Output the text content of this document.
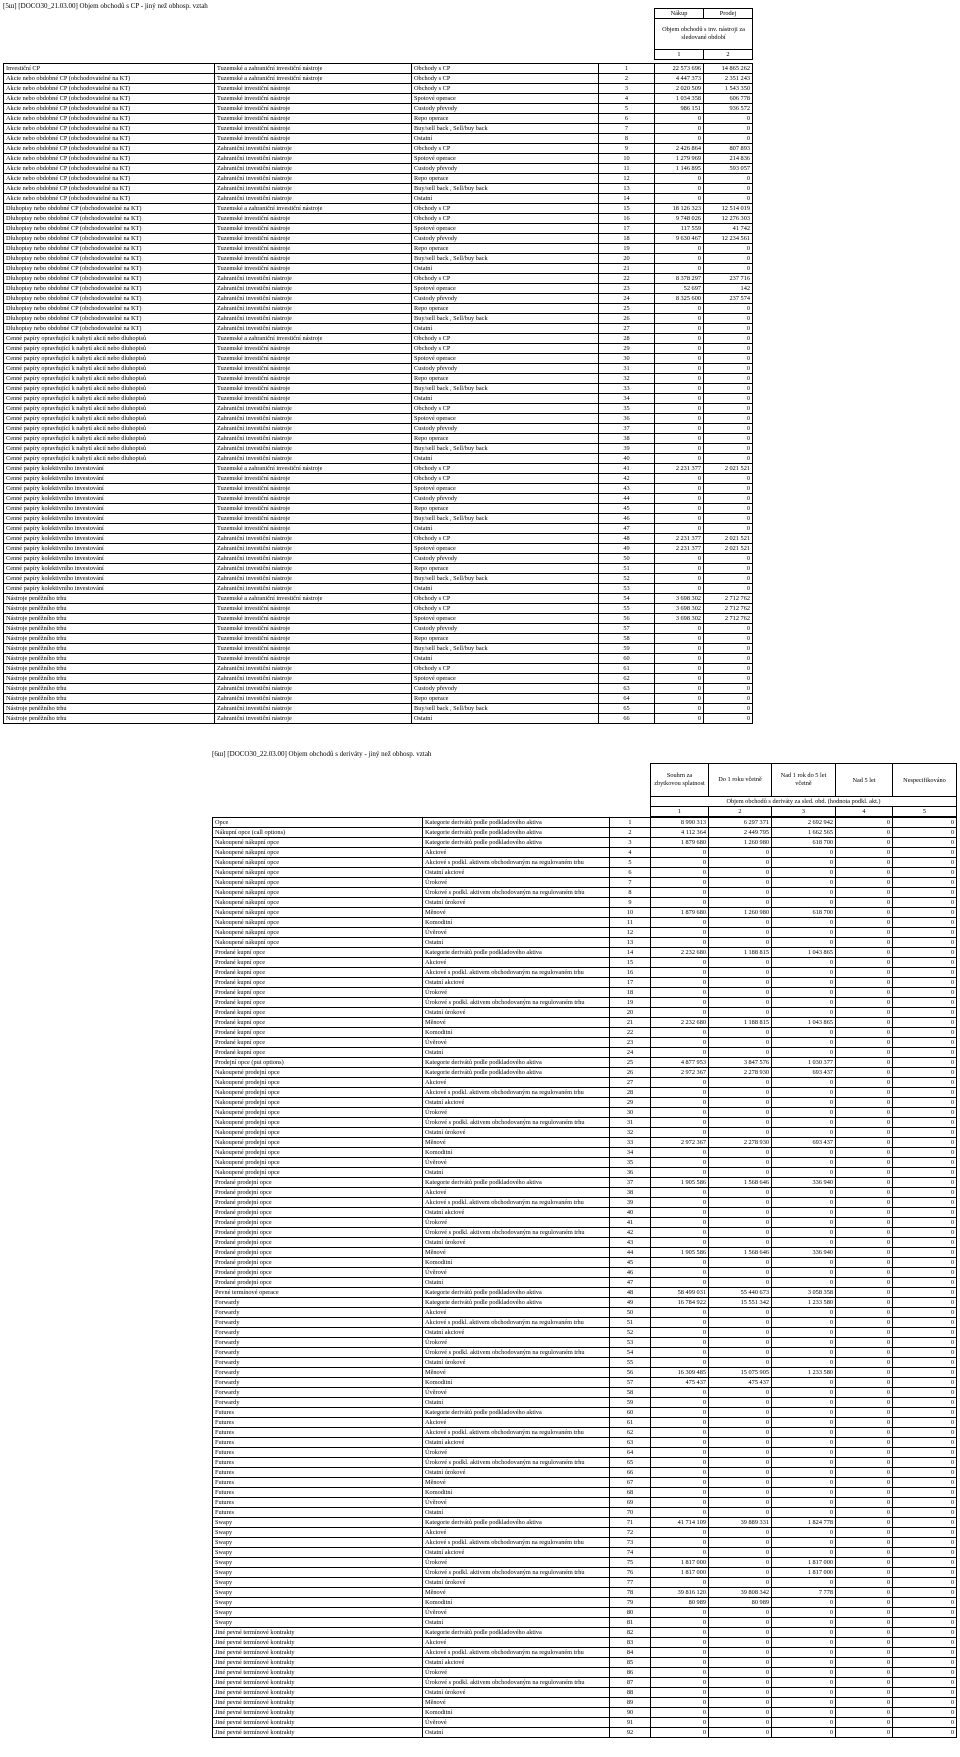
[5ш] [DOCO30_21.03.00] Objem obchodů s CP - jiný než obhosp. vztah
Nákup	Prodej
Objem obchodů s inv. nástroji za sledované období	
1	2
Investiční CP	Tuzemské a zahraniční investiční nástroje	Obchody s CP	1	22 573 696	14 865 262
Akcie nebo obdobné CP (obchodovatelné na KT)	Tuzemské a zahraniční investiční nástroje	Obchody s CP	2	4 447 373	2 351 243
Akcie nebo obdobné CP (obchodovatelné na KT)	Tuzemské investiční nástroje	Obchody s CP	3	2 020 509	1 543 350
Akcie nebo obdobné CP (obchodovatelné na KT)	Tuzemské investiční nástroje	Spotové operace	4	1 034 358	606 778
Akcie nebo obdobné CP (obchodovatelné na KT)	Tuzemské investiční nástroje	Custody převody	5	986 151	936 572
Akcie nebo obdobné CP (obchodovatelné na KT)	Tuzemské investiční nástroje	Repo operace	6	0	0
Akcie nebo obdobné CP (obchodovatelné na KT)	Tuzemské investiční nástroje	Buy/sell back , Sell/buy back	7	0	0
Akcie nebo obdobné CP (obchodovatelné na KT)	Tuzemské investiční nástroje	Ostatní	8	0	0
Akcie nebo obdobné CP (obchodovatelné na KT)	Zahraniční investiční nástroje	Obchody s CP	9	2 426 864	807 893
Akcie nebo obdobné CP (obchodovatelné na KT)	Zahraniční investiční nástroje	Spotové operace	10	1 279 969	214 836
Akcie nebo obdobné CP (obchodovatelné na KT)	Zahraniční investiční nástroje	Custody převody	11	1 146 895	593 057
Akcie nebo obdobné CP (obchodovatelné na KT)	Zahraniční investiční nástroje	Repo operace	12	0	0
Akcie nebo obdobné CP (obchodovatelné na KT)	Zahraniční investiční nástroje	Buy/sell back , Sell/buy back	13	0	0
Akcie nebo obdobné CP (obchodovatelné na KT)	Zahraniční investiční nástroje	Ostatní	14	0	0
Dluhopisy nebo obdobné CP (obchodovatelné na KT)	Tuzemské a zahraniční investiční nástroje	Obchody s CP	15	18 126 323	12 514 019
Dluhopisy nebo obdobné CP (obchodovatelné na KT)	Tuzemské investiční nástroje	Obchody s CP	16	9 748 026	12 276 303
Dluhopisy nebo obdobné CP (obchodovatelné na KT)	Tuzemské investiční nástroje	Spotové operace	17	117 559	41 742
Dluhopisy nebo obdobné CP (obchodovatelné na KT)	Tuzemské investiční nástroje	Custody převody	18	9 630 467	12 234 561
Dluhopisy nebo obdobné CP (obchodovatelné na KT)	Tuzemské investiční nástroje	Repo operace	19	0	0
Dluhopisy nebo obdobné CP (obchodovatelné na KT)	Tuzemské investiční nástroje	Buy/sell back , Sell/buy back	20	0	0
Dluhopisy nebo obdobné CP (obchodovatelné na KT)	Tuzemské investiční nástroje	Ostatní	21	0	0
Dluhopisy nebo obdobné CP (obchodovatelné na KT)	Zahraniční investiční nástroje	Obchody s CP	22	8 378 297	237 716
Dluhopisy nebo obdobné CP (obchodovatelné na KT)	Zahraniční investiční nástroje	Spotové operace	23	52 697	142
Dluhopisy nebo obdobné CP (obchodovatelné na KT)	Zahraniční investiční nástroje	Custody převody	24	8 325 600	237 574
Dluhopisy nebo obdobné CP (obchodovatelné na KT)	Zahraniční investiční nástroje	Repo operace	25	0	0
Dluhopisy nebo obdobné CP (obchodovatelné na KT)	Zahraniční investiční nástroje	Buy/sell back , Sell/buy back	26	0	0
Dluhopisy nebo obdobné CP (obchodovatelné na KT)	Zahraniční investiční nástroje	Ostatní	27	0	0
Cenné papíry opravňující k nabytí akcií nebo dluhopisů	Tuzemské a zahraniční investiční nástroje	Obchody s CP	28	0	0
Cenné papíry opravňující k nabytí akcií nebo dluhopisů	Tuzemské investiční nástroje	Obchody s CP	29	0	0
Cenné papíry opravňující k nabytí akcií nebo dluhopisů	Tuzemské investiční nástroje	Spotové operace	30	0	0
Cenné papíry opravňující k nabytí akcií nebo dluhopisů	Tuzemské investiční nástroje	Custody převody	31	0	0
Cenné papíry opravňující k nabytí akcií nebo dluhopisů	Tuzemské investiční nástroje	Repo operace	32	0	0
Cenné papíry opravňující k nabytí akcií nebo dluhopisů	Tuzemské investiční nástroje	Buy/sell back , Sell/buy back	33	0	0
Cenné papíry opravňující k nabytí akcií nebo dluhopisů	Tuzemské investiční nástroje	Ostatní	34	0	0
Cenné papíry opravňující k nabytí akcií nebo dluhopisů	Zahraniční investiční nástroje	Obchody s CP	35	0	0
Cenné papíry opravňující k nabytí akcií nebo dluhopisů	Zahraniční investiční nástroje	Spotové operace	36	0	0
Cenné papíry opravňující k nabytí akcií nebo dluhopisů	Zahraniční investiční nástroje	Custody převody	37	0	0
Cenné papíry opravňující k nabytí akcií nebo dluhopisů	Zahraniční investiční nástroje	Repo operace	38	0	0
Cenné papíry opravňující k nabytí akcií nebo dluhopisů	Zahraniční investiční nástroje	Buy/sell back , Sell/buy back	39	0	0
Cenné papíry opravňující k nabytí akcií nebo dluhopisů	Zahraniční investiční nástroje	Ostatní	40	0	0
Cenné papíry kolektivního investování	Tuzemské a zahraniční investiční nástroje	Obchody s CP	41	2 231 377	2 021 521
Cenné papíry kolektivního investování	Tuzemské investiční nástroje	Obchody s CP	42	0	0
Cenné papíry kolektivního investování	Tuzemské investiční nástroje	Spotové operace	43	0	0
Cenné papíry kolektivního investování	Tuzemské investiční nástroje	Custody převody	44	0	0
Cenné papíry kolektivního investování	Tuzemské investiční nástroje	Repo operace	45	0	0
Cenné papíry kolektivního investování	Tuzemské investiční nástroje	Buy/sell back , Sell/buy back	46	0	0
Cenné papíry kolektivního investování	Tuzemské investiční nástroje	Ostatní	47	0	0
Cenné papíry kolektivního investování	Zahraniční investiční nástroje	Obchody s CP	48	2 231 377	2 021 521
Cenné papíry kolektivního investování	Zahraniční investiční nástroje	Spotové operace	49	2 231 377	2 021 521
Cenné papíry kolektivního investování	Zahraniční investiční nástroje	Custody převody	50	0	0
Cenné papíry kolektivního investování	Zahraniční investiční nástroje	Repo operace	51	0	0
Cenné papíry kolektivního investování	Zahraniční investiční nástroje	Buy/sell back , Sell/buy back	52	0	0
Cenné papíry kolektivního investování	Zahraniční investiční nástroje	Ostatní	53	0	0
Nástroje peněžního trhu	Tuzemské a zahraniční investiční nástroje	Obchody s CP	54	3 698 302	2 712 762
Nástroje peněžního trhu	Tuzemské investiční nástroje	Obchody s CP	55	3 698 302	2 712 762
Nástroje peněžního trhu	Tuzemské investiční nástroje	Spotové operace	56	3 698 302	2 712 762
Nástroje peněžního trhu	Tuzemské investiční nástroje	Custody převody	57	0	0
Nástroje peněžního trhu	Tuzemské investiční nástroje	Repo operace	58	0	0
Nástroje peněžního trhu	Tuzemské investiční nástroje	Buy/sell back , Sell/buy back	59	0	0
Nástroje peněžního trhu	Tuzemské investiční nástroje	Ostatní	60	0	0
Nástroje peněžního trhu	Zahraniční investiční nástroje	Obchody s CP	61	0	0
Nástroje peněžního trhu	Zahraniční investiční nástroje	Spotové operace	62	0	0
Nástroje peněžního trhu	Zahraniční investiční nástroje	Custody převody	63	0	0
Nástroje peněžního trhu	Zahraniční investiční nástroje	Repo operace	64	0	0
Nástroje peněžního trhu	Zahraniční investiční nástroje	Buy/sell back , Sell/buy back	65	0	0
Nástroje peněžního trhu	Zahraniční investiční nástroje	Ostatní	66	0	0
[6ш] [DOCO30_22.03.00] Objem obchodů s deriváty - jiný než obhosp. vztah
Souhrn za zbytkovou splatnost	Do 1 roku včetně	Nad 1 rok do 5 let včetně	Nad 5 let	Nespecifikováno
Objem obchodů s deriváty za sled. obd. (hodnota podkl. akt.)				
1	2	3	4	5
Opce	Kategorie derivátů podle podkladového aktiva	1	8 990 313	6 297 371	2 692 942	0	0
Nákupní opce (call options)	Kategorie derivátů podle podkladového aktiva	2	4 112 364	2 449 795	1 662 565	0	0
Nakoupené nákupní opce	Kategorie derivátů podle podkladového aktiva	3	1 879 680	1 260 980	618 700	0	0
Nakoupené nákupní opce	Akciové	4	0	0	0	0	0
Nakoupené nákupní opce	Akciové s podkl. aktivem obchodovaným na regulovaném trhu	5	0	0	0	0	0
Nakoupené nákupní opce	Ostatní akciové	6	0	0	0	0	0
Nakoupené nákupní opce	Úrokové	7	0	0	0	0	0
Nakoupené nákupní opce	Úrokové s podkl. aktivem obchodovaným na regulovaném trhu	8	0	0	0	0	0
Nakoupené nákupní opce	Ostatní úrokové	9	0	0	0	0	0
Nakoupené nákupní opce	Měnové	10	1 879 680	1 260 980	618 700	0	0
Nakoupené nákupní opce	Komoditní	11	0	0	0	0	0
Nakoupené nákupní opce	Úvěrové	12	0	0	0	0	0
Nakoupené nákupní opce	Ostatní	13	0	0	0	0	0
Prodané kupní opce	Kategorie derivátů podle podkladového aktiva	14	2 232 680	1 188 815	1 043 865	0	0
Prodané kupní opce	Akciové	15	0	0	0	0	0
Prodané kupní opce	Akciové s podkl. aktivem obchodovaným na regulovaném trhu	16	0	0	0	0	0
Prodané kupní opce	Ostatní akciové	17	0	0	0	0	0
Prodané kupní opce	Úrokové	18	0	0	0	0	0
Prodané kupní opce	Úrokové s podkl. aktivem obchodovaným na regulovaném trhu	19	0	0	0	0	0
Prodané kupní opce	Ostatní úrokové	20	0	0	0	0	0
Prodané kupní opce	Měnové	21	2 232 680	1 188 815	1 043 865	0	0
Prodané kupní opce	Komoditní	22	0	0	0	0	0
Prodané kupní opce	Úvěrové	23	0	0	0	0	0
Prodané kupní opce	Ostatní	24	0	0	0	0	0
Prodejní opce (put options)	Kategorie derivátů podle podkladového aktiva	25	4 877 953	3 847 576	1 030 377	0	0
Nakoupené prodejní opce	Kategorie derivátů podle podkladového aktiva	26	2 972 367	2 278 930	693 437	0	0
Nakoupené prodejní opce	Akciové	27	0	0	0	0	0
Nakoupené prodejní opce	Akciové s podkl. aktivem obchodovaným na regulovaném trhu	28	0	0	0	0	0
Nakoupené prodejní opce	Ostatní akciové	29	0	0	0	0	0
Nakoupené prodejní opce	Úrokové	30	0	0	0	0	0
Nakoupené prodejní opce	Úrokové s podkl. aktivem obchodovaným na regulovaném trhu	31	0	0	0	0	0
Nakoupené prodejní opce	Ostatní úrokové	32	0	0	0	0	0
Nakoupené prodejní opce	Měnové	33	2 972 367	2 278 930	693 437	0	0
Nakoupené prodejní opce	Komoditní	34	0	0	0	0	0
Nakoupené prodejní opce	Úvěrové	35	0	0	0	0	0
Nakoupené prodejní opce	Ostatní	36	0	0	0	0	0
Prodané prodejní opce	Kategorie derivátů podle podkladového aktiva	37	1 905 586	1 568 646	336 940	0	0
Prodané prodejní opce	Akciové	38	0	0	0	0	0
Prodané prodejní opce	Akciové s podkl. aktivem obchodovaným na regulovaném trhu	39	0	0	0	0	0
Prodané prodejní opce	Ostatní akciové	40	0	0	0	0	0
Prodané prodejní opce	Úrokové	41	0	0	0	0	0
Prodané prodejní opce	Úrokové s podkl. aktivem obchodovaným na regulovaném trhu	42	0	0	0	0	0
Prodané prodejní opce	Ostatní úrokové	43	0	0	0	0	0
Prodané prodejní opce	Měnové	44	1 905 586	1 568 646	336 940	0	0
Prodané prodejní opce	Komoditní	45	0	0	0	0	0
Prodané prodejní opce	Úvěrové	46	0	0	0	0	0
Prodané prodejní opce	Ostatní	47	0	0	0	0	0
Pevné termínové operace	Kategorie derivátů podle podkladového aktiva	48	58 499 031	55 440 673	3 058 358	0	0
Forwardy	Kategorie derivátů podle podkladového aktiva	49	16 784 922	15 551 342	1 233 580	0	0
Forwardy	Akciové	50	0	0	0	0	0
Forwardy	Akciové s podkl. aktivem obchodovaným na regulovaném trhu	51	0	0	0	0	0
Forwardy	Ostatní akciové	52	0	0	0	0	0
Forwardy	Úrokové	53	0	0	0	0	0
Forwardy	Úrokové s podkl. aktivem obchodovaným na regulovaném trhu	54	0	0	0	0	0
Forwardy	Ostatní úrokové	55	0	0	0	0	0
Forwardy	Měnové	56	16 309 485	15 075 905	1 233 580	0	0
Forwardy	Komoditní	57	475 437	475 437	0	0	0
Forwardy	Úvěrové	58	0	0	0	0	0
Forwardy	Ostatní	59	0	0	0	0	0
Futures	Kategorie derivátů podle podkladového aktiva	60	0	0	0	0	0
Futures	Akciové	61	0	0	0	0	0
Futures	Akciové s podkl. aktivem obchodovaným na regulovaném trhu	62	0	0	0	0	0
Futures	Ostatní akciové	63	0	0	0	0	0
Futures	Úrokové	64	0	0	0	0	0
Futures	Úrokové s podkl. aktivem obchodovaným na regulovaném trhu	65	0	0	0	0	0
Futures	Ostatní úrokové	66	0	0	0	0	0
Futures	Měnové	67	0	0	0	0	0
Futures	Komoditní	68	0	0	0	0	0
Futures	Úvěrové	69	0	0	0	0	0
Futures	Ostatní	70	0	0	0	0	0
Swapy	Kategorie derivátů podle podkladového aktiva	71	41 714 109	39 889 331	1 824 778	0	0
Swapy	Akciové	72	0	0	0	0	0
Swapy	Akciové s podkl. aktivem obchodovaným na regulovaném trhu	73	0	0	0	0	0
Swapy	Ostatní akciové	74	0	0	0	0	0
Swapy	Úrokové	75	1 817 000	0	1 817 000	0	0
Swapy	Úrokové s podkl. aktivem obchodovaným na regulovaném trhu	76	1 817 000	0	1 817 000	0	0
Swapy	Ostatní úrokové	77	0	0	0	0	0
Swapy	Měnové	78	39 816 120	39 808 342	7 778	0	0
Swapy	Komoditní	79	80 989	80 989	0	0	0
Swapy	Úvěrové	80	0	0	0	0	0
Swapy	Ostatní	81	0	0	0	0	0
Jiné pevné termínové kontrakty	Kategorie derivátů podle podkladového aktiva	82	0	0	0	0	0
Jiné pevné termínové kontrakty	Akciové	83	0	0	0	0	0
Jiné pevné termínové kontrakty	Akciové s podkl. aktivem obchodovaným na regulovaném trhu	84	0	0	0	0	0
Jiné pevné termínové kontrakty	Ostatní akciové	85	0	0	0	0	0
Jiné pevné termínové kontrakty	Úrokové	86	0	0	0	0	0
Jiné pevné termínové kontrakty	Úrokové s podkl. aktivem obchodovaným na regulovaném trhu	87	0	0	0	0	0
Jiné pevné termínové kontrakty	Ostatní úrokové	88	0	0	0	0	0
Jiné pevné termínové kontrakty	Měnové	89	0	0	0	0	0
Jiné pevné termínové kontrakty	Komoditní	90	0	0	0	0	0
Jiné pevné termínové kontrakty	Úvěrové	91	0	0	0	0	0
Jiné pevné termínové kontrakty	Ostatní	92	0	0	0	0	0
